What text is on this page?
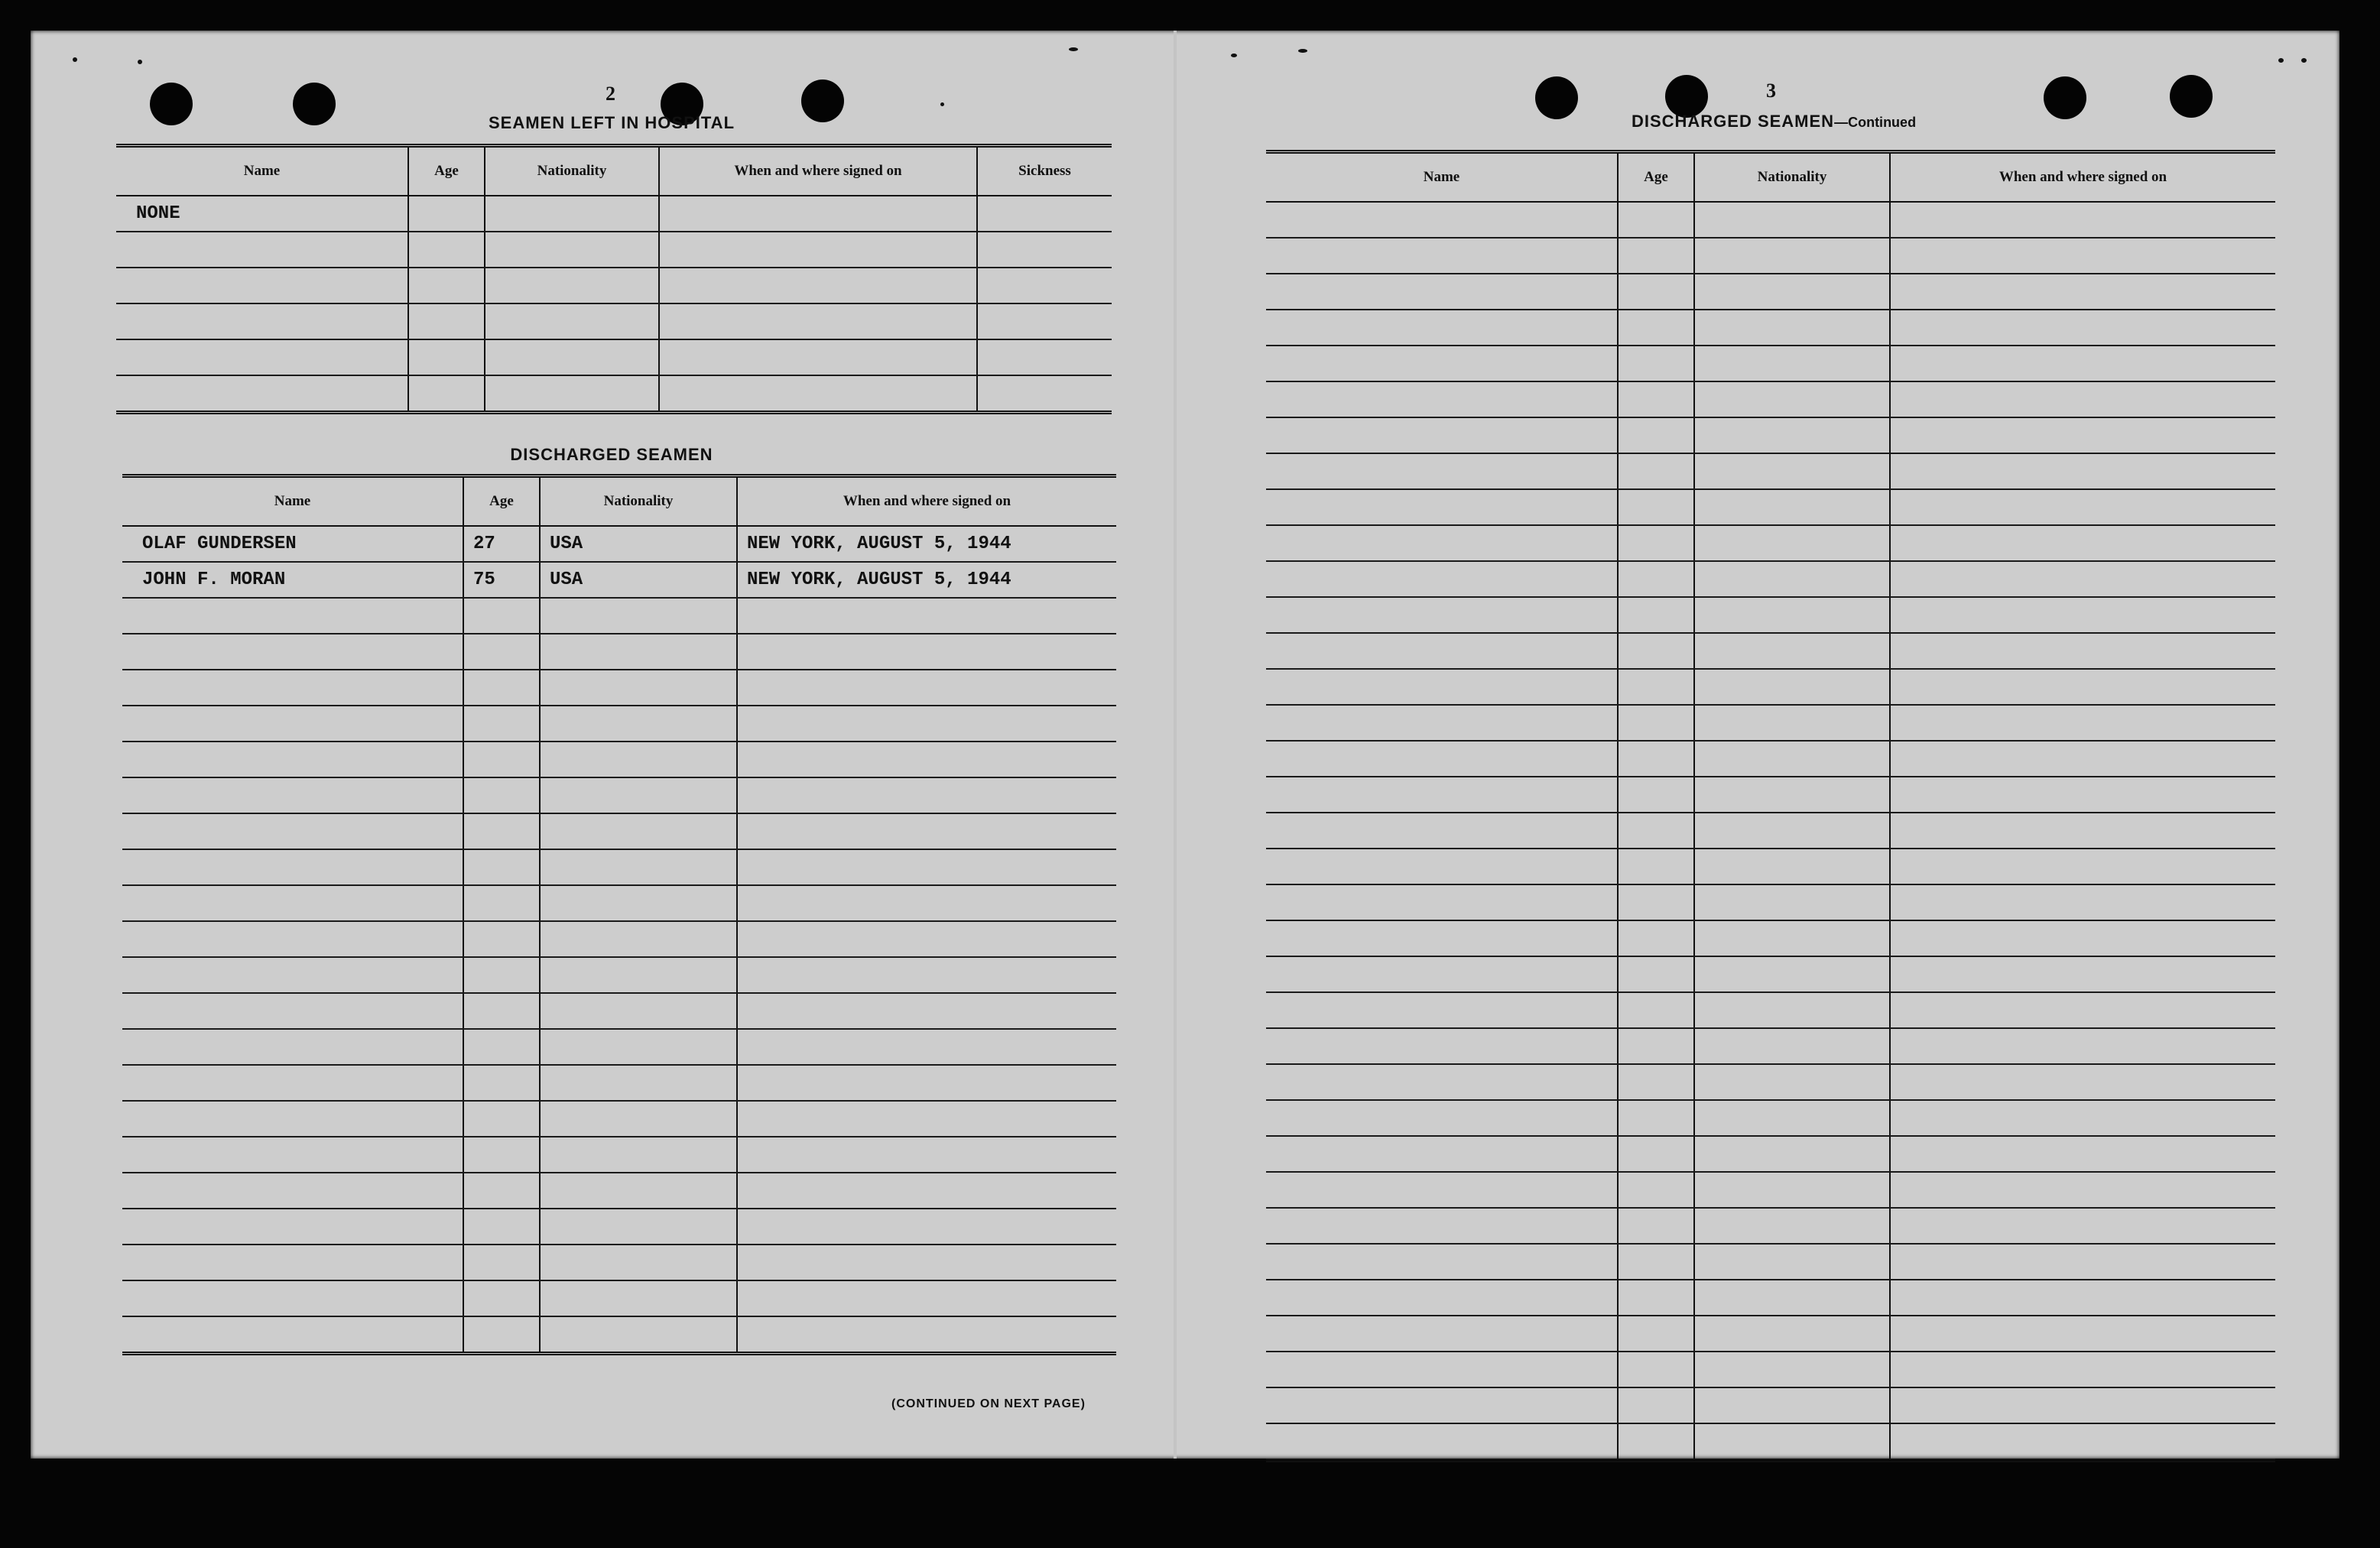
2
SEAMEN LEFT IN HOSPITAL
Name	Age	Nationality	When and where signed on	Sickness
NONE				

DISCHARGED SEAMEN
Name	Age	Nationality	When and where signed on
OLAF GUNDERSEN	27	USA	NEW YORK, AUGUST 5, 1944
JOHN F. MORAN	75	USA	NEW YORK, AUGUST 5, 1944

(CONTINUED ON NEXT PAGE)
3
DISCHARGED SEAMEN—Continued
Name	Age	Nationality	When and where signed on
